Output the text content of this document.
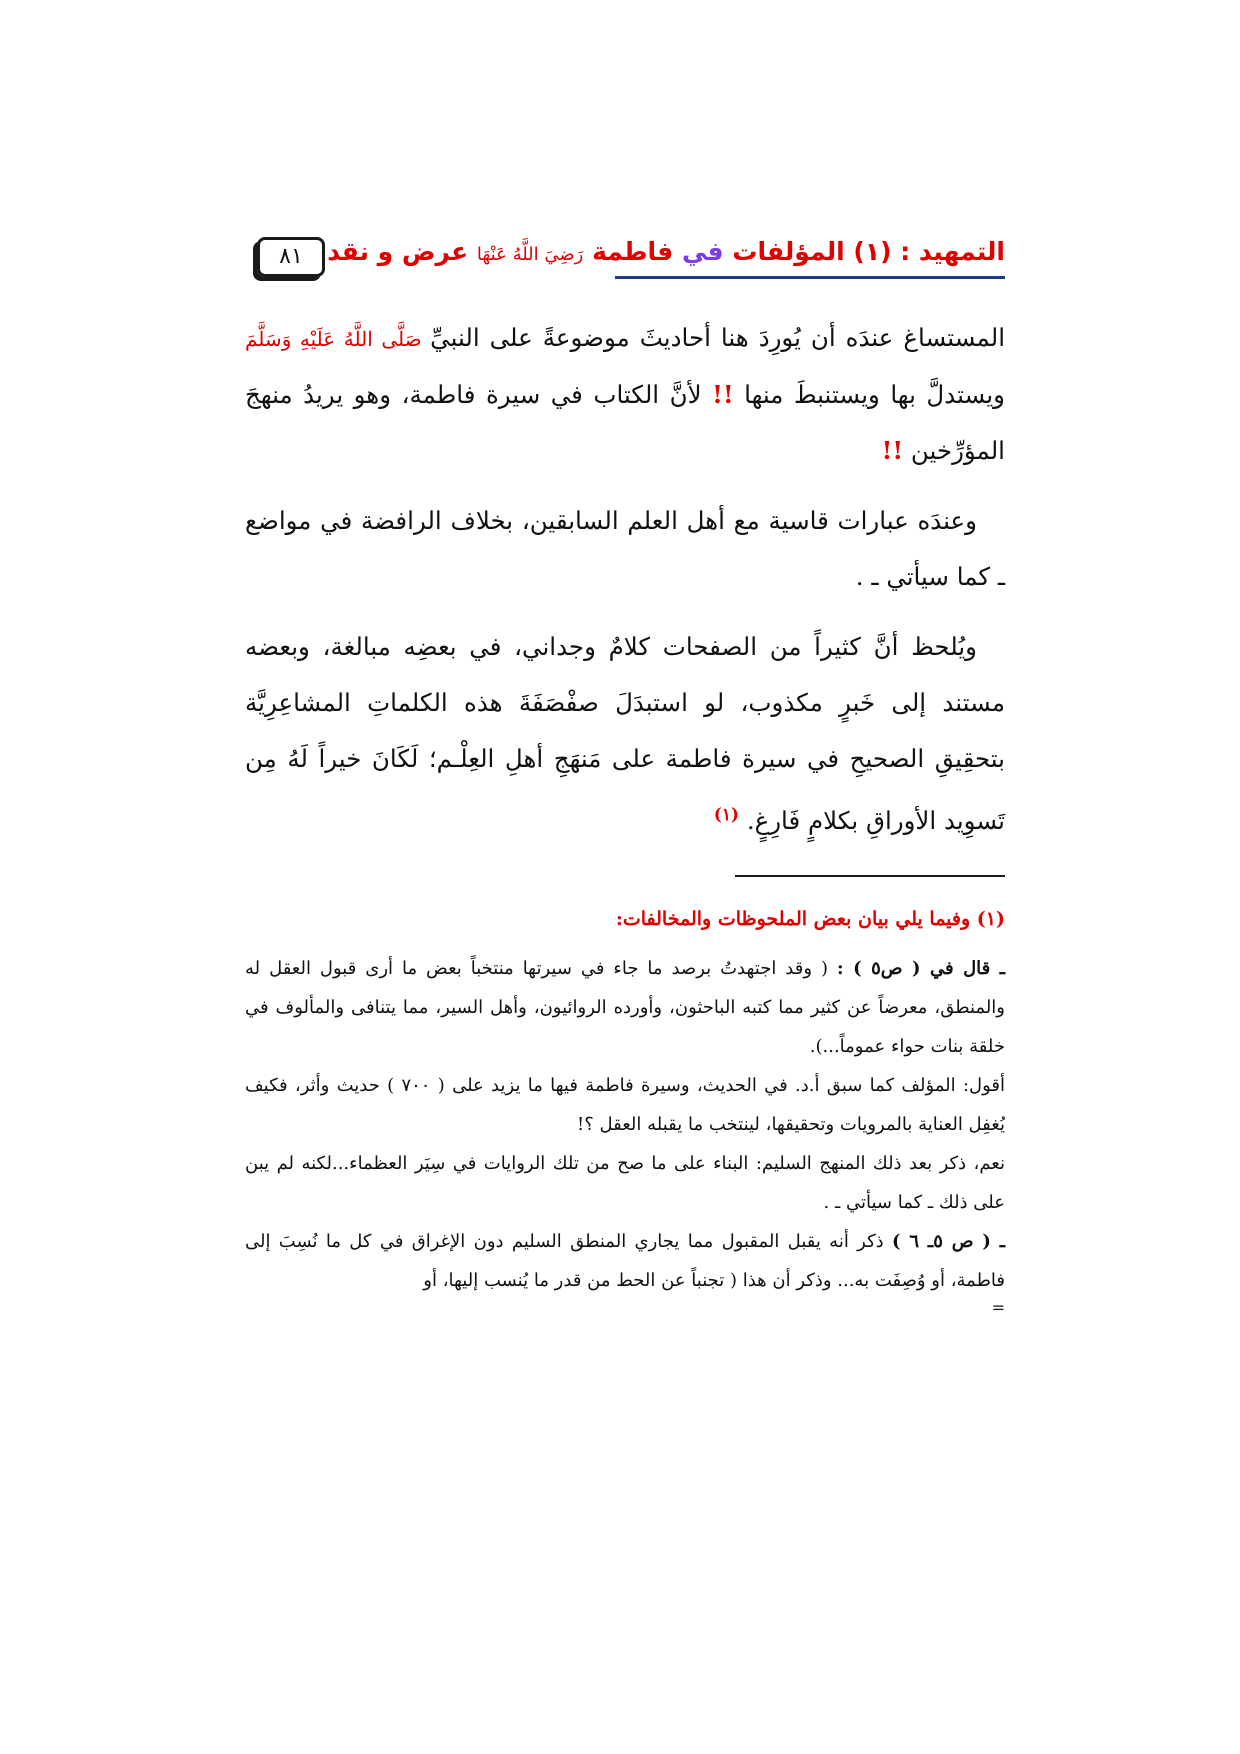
٨١	التمهيد : (١) المؤلفات في فاطمة رَضِيَ اللَّهُ عَنْهَا عرض و نقد

المستساغ عندَه أن يُورِدَ هنا أحاديثَ موضوعةً على النبيِّ صَلَّى اللَّهُ عَلَيْهِ وَسَلَّمَ ويستدلَّ بها ويستنبطَ منها !! لأنَّ الكتاب في سيرة فاطمة، وهو يريدُ منهجَ المؤرِّخين !!

وعندَه عبارات قاسية مع أهل العلم السابقين، بخلاف الرافضة في مواضع ـ كما سيأتي ـ .

ويُلحظ أنَّ كثيراً من الصفحات كلامٌ وجداني، في بعضِه مبالغة، وبعضه مستند إلى خَبرٍ مكذوب، لو استبدَلَ صفْصَفَةَ هذه الكلماتِ المشاعِرِيَّة بتحقِيقِ الصحيحِ في سيرة فاطمة على مَنهَجِ أهلِ العِلْـم؛ لَكَانَ خيراً لَهُ مِن تَسوِيد الأوراقِ بكلامٍ فَارِغٍ. $^{(١)}$

(١) وفيما يلي بيان بعض الملحوظات والمخالفات:

ـ قال في ( ص٥ ) : ( وقد اجتهدتُ برصد ما جاء في سيرتها منتخباً بعض ما أرى قبول العقل له والمنطق، معرضاً عن كثير مما كتبه الباحثون، وأورده الروائيون، وأهل السير، مما يتنافى والمألوف في خلقة بنات حواء عموماً...).

أقول: المؤلف كما سبق أ.د. في الحديث، وسيرة فاطمة فيها ما يزيد على ( ٧٠٠ ) حديث وأثر، فكيف يُغفِل العناية بالمرويات وتحقيقها، لينتخب ما يقبله العقل ؟!

نعم، ذكر بعد ذلك المنهج السليم: البناء على ما صح من تلك الروايات في سِيَر العظماء...لكنه لم يبن على ذلك ـ كما سيأتي ـ .

ـ ( ص ٥ـ ٦ ) ذكر أنه يقبل المقبول مما يجاري المنطق السليم دون الإغراق في كل ما نُسِبَ إلى فاطمة، أو وُصِفَت به... وذكر أن هذا ( تجنباً عن الحط من قدر ما يُنسب إليها، أو

=
